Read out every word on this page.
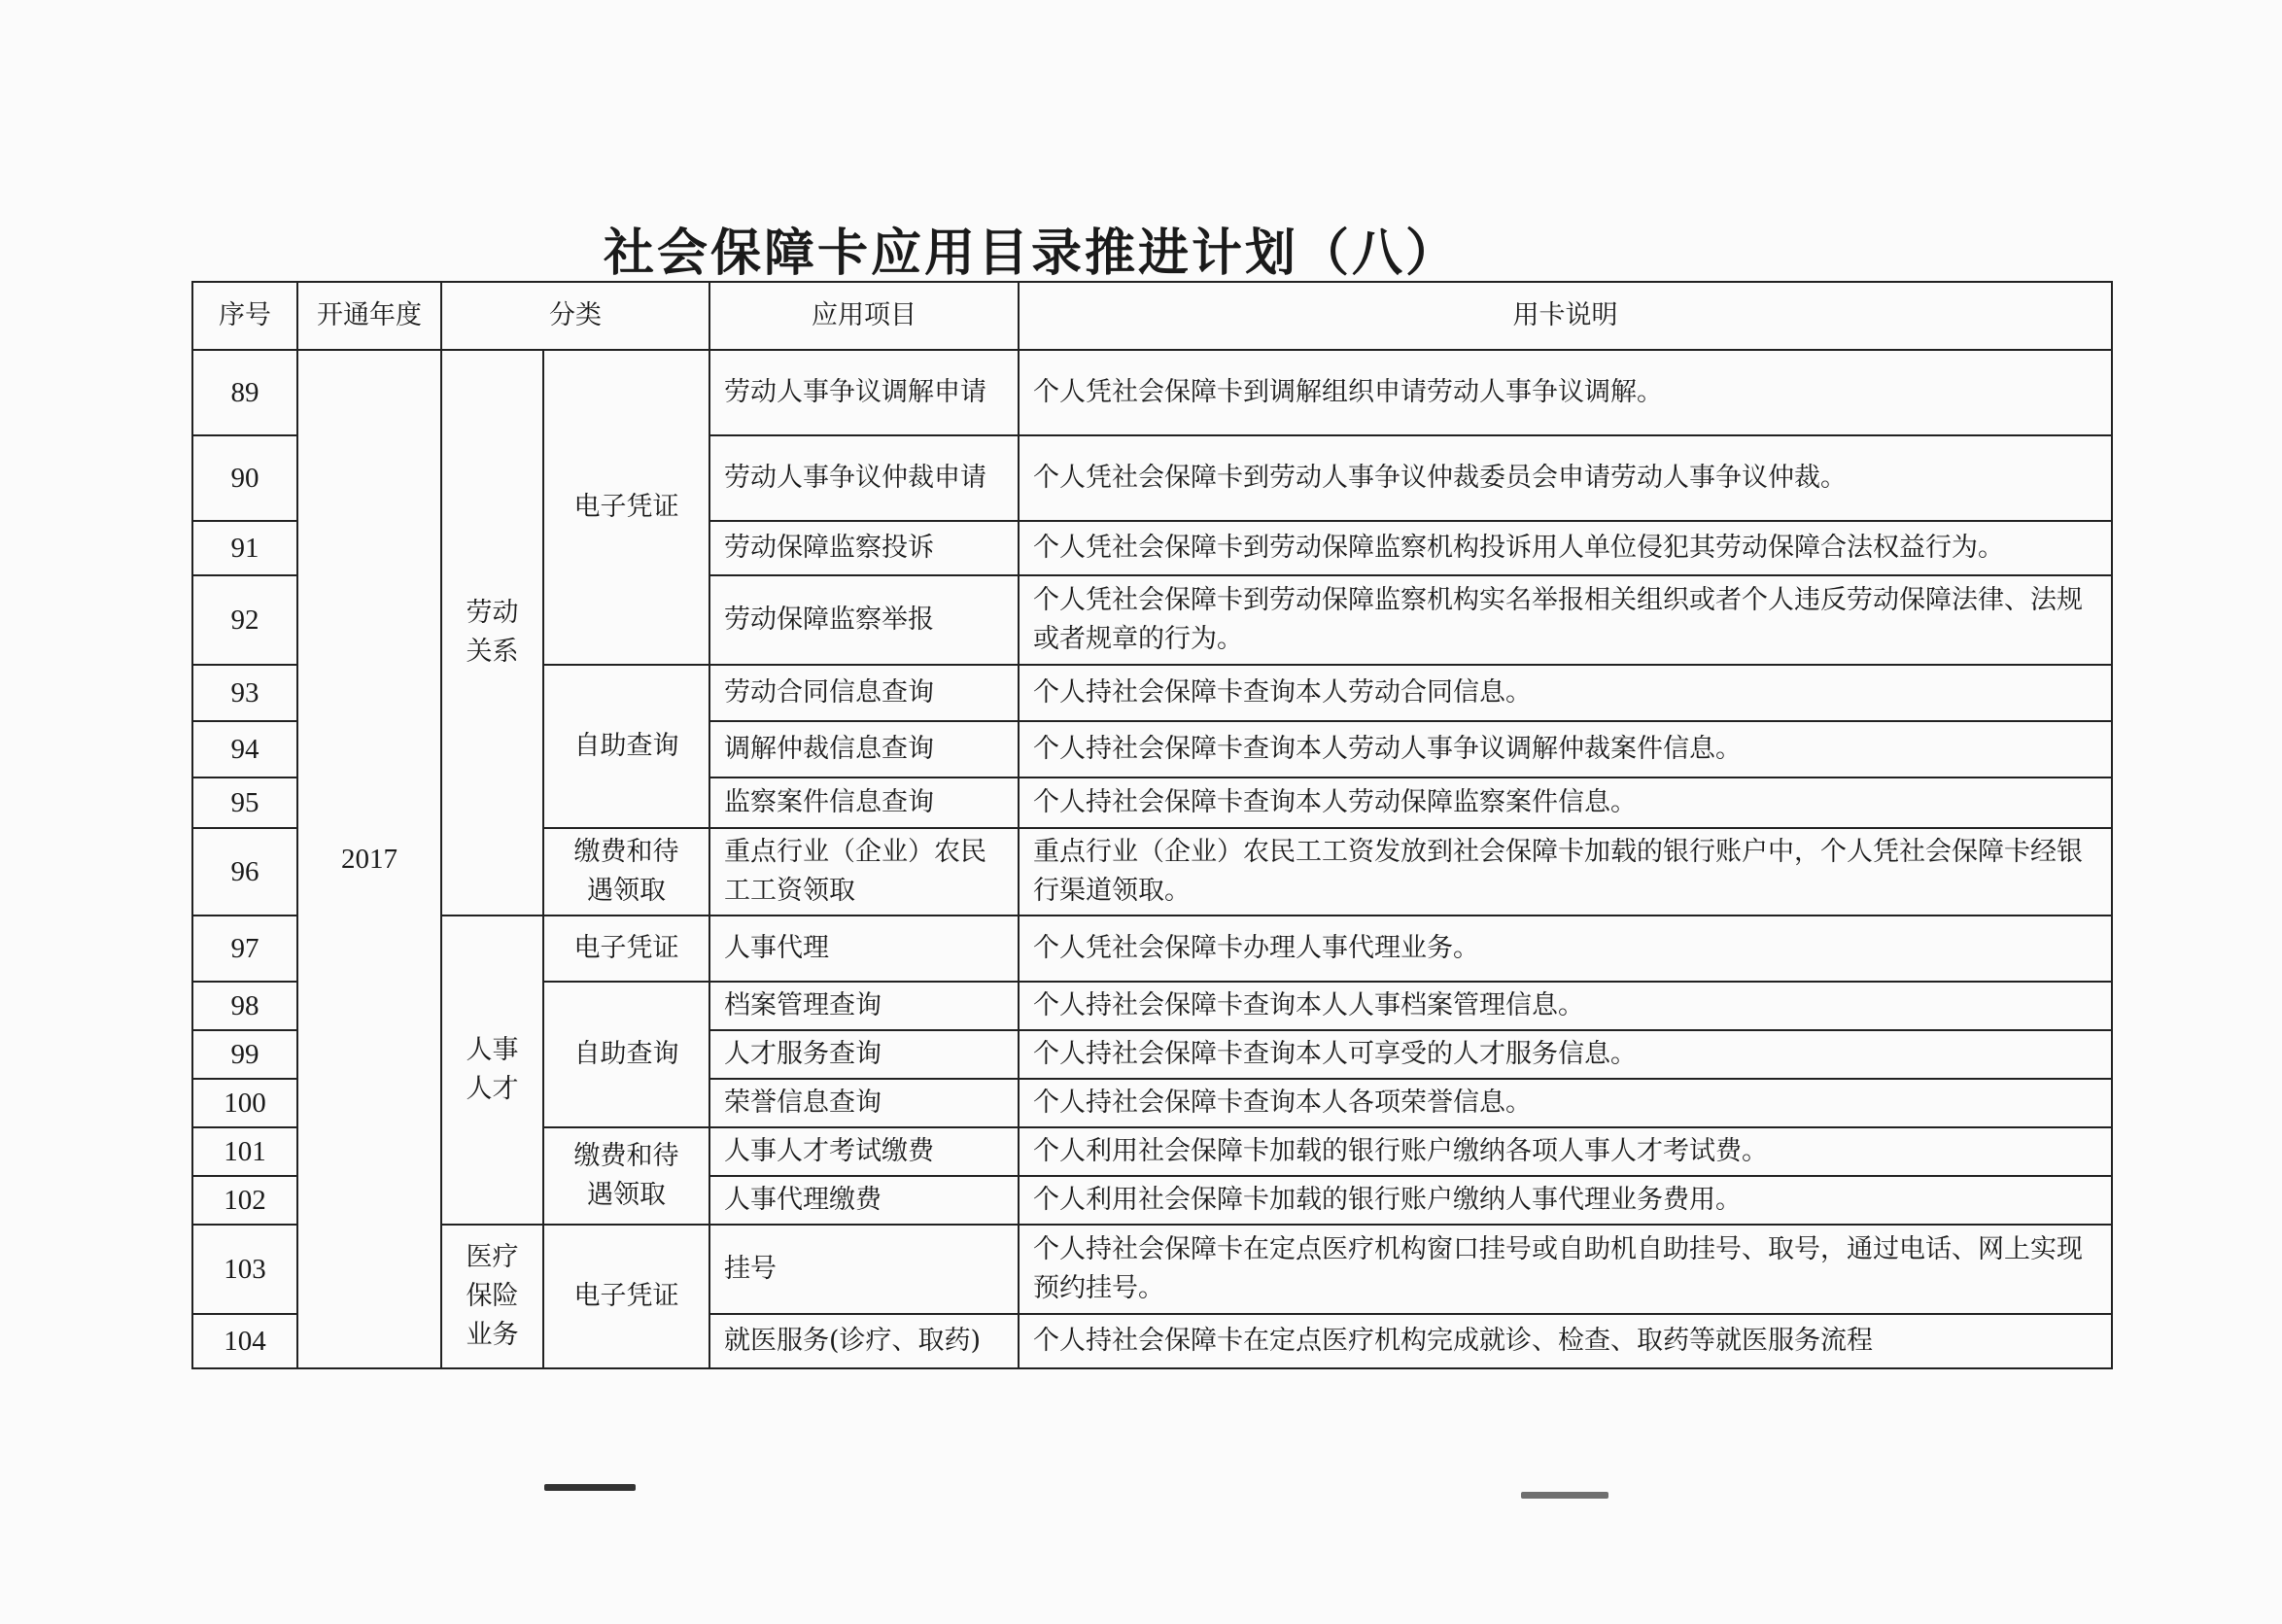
社会保障卡应用目录推进计划（八）
序号	开通年度	分类		应用项目	用卡说明
89	2017	劳动关系	电子凭证	劳动人事争议调解申请	个人凭社会保障卡到调解组织申请劳动人事争议调解。
90				劳动人事争议仲裁申请	个人凭社会保障卡到劳动人事争议仲裁委员会申请劳动人事争议仲裁。
91				劳动保障监察投诉	个人凭社会保障卡到劳动保障监察机构投诉用人单位侵犯其劳动保障合法权益行为。
92				劳动保障监察举报	个人凭社会保障卡到劳动保障监察机构实名举报相关组织或者个人违反劳动保障法律、法规或者规章的行为。
93			自助查询	劳动合同信息查询	个人持社会保障卡查询本人劳动合同信息。
94				调解仲裁信息查询	个人持社会保障卡查询本人劳动人事争议调解仲裁案件信息。
95				监察案件信息查询	个人持社会保障卡查询本人劳动保障监察案件信息。
96			缴费和待遇领取	重点行业（企业）农民工工资领取	重点行业（企业）农民工工资发放到社会保障卡加载的银行账户中，个人凭社会保障卡经银行渠道领取。
97		人事人才	电子凭证	人事代理	个人凭社会保障卡办理人事代理业务。
98			自助查询	档案管理查询	个人持社会保障卡查询本人人事档案管理信息。
99				人才服务查询	个人持社会保障卡查询本人可享受的人才服务信息。
100				荣誉信息查询	个人持社会保障卡查询本人各项荣誉信息。
101			缴费和待遇领取	人事人才考试缴费	个人利用社会保障卡加载的银行账户缴纳各项人事人才考试费。
102				人事代理缴费	个人利用社会保障卡加载的银行账户缴纳人事代理业务费用。
103		医疗保险业务	电子凭证	挂号	个人持社会保障卡在定点医疗机构窗口挂号或自助机自助挂号、取号，通过电话、网上实现预约挂号。
104				就医服务(诊疗、取药)	个人持社会保障卡在定点医疗机构完成就诊、检查、取药等就医服务流程
